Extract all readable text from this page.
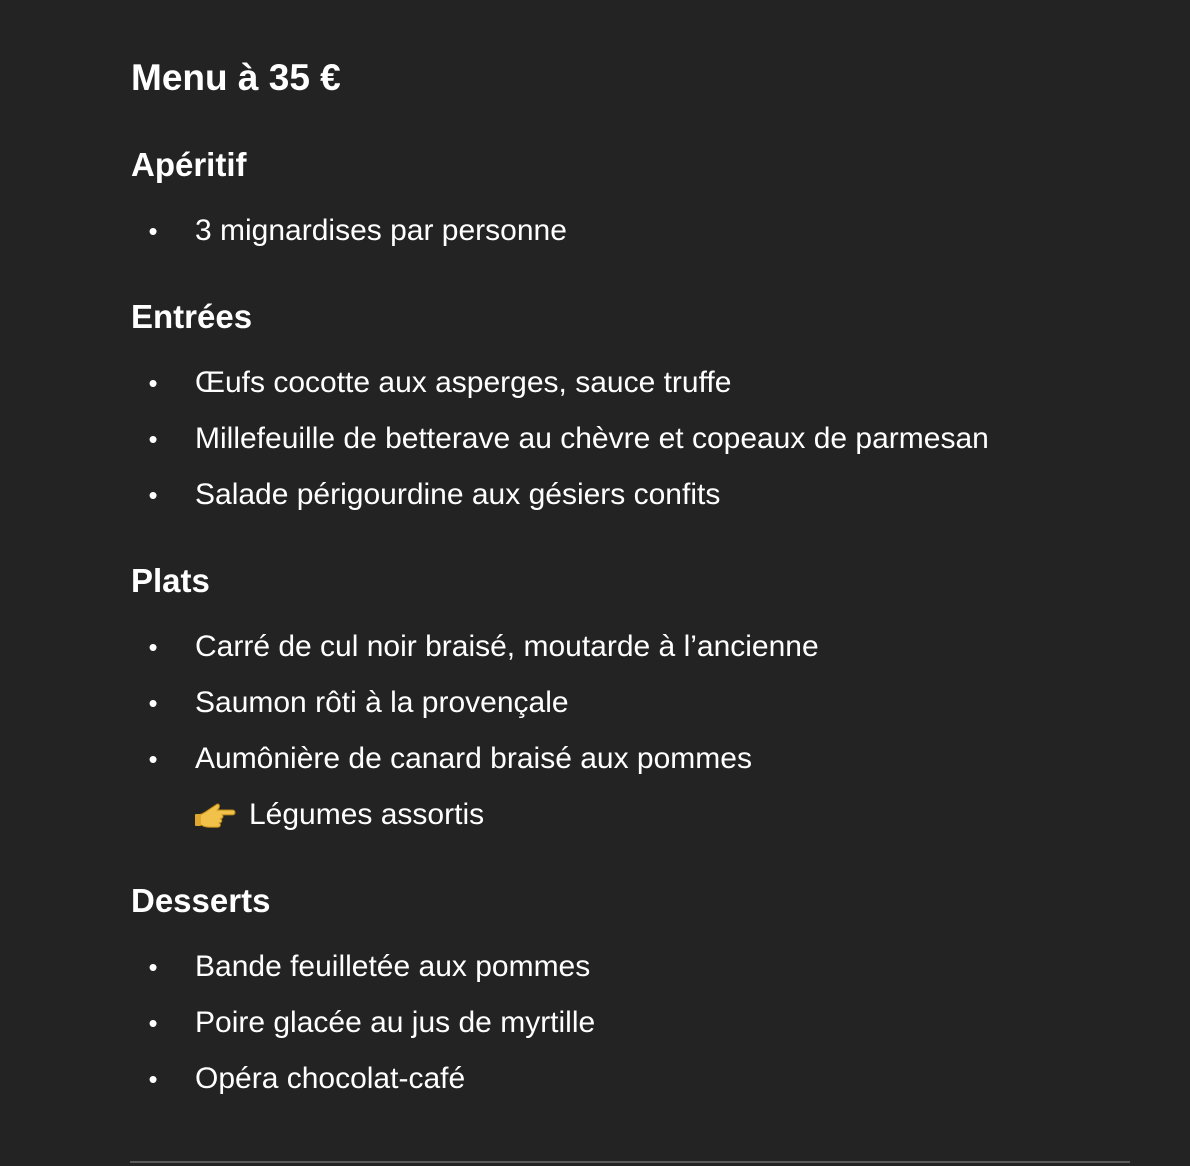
Menu à 35 €
Apéritif
• 3 mignardises par personne
Entrées
• Œufs cocotte aux asperges, sauce truffe
• Millefeuille de betterave au chèvre et copeaux de parmesan
• Salade périgourdine aux gésiers confits
Plats
• Carré de cul noir braisé, moutarde à l’ancienne
• Saumon rôti à la provençale
• Aumônière de canard braisé aux pommes
Légumes assortis
Desserts
• Bande feuilletée aux pommes
• Poire glacée au jus de myrtille
• Opéra chocolat-café
